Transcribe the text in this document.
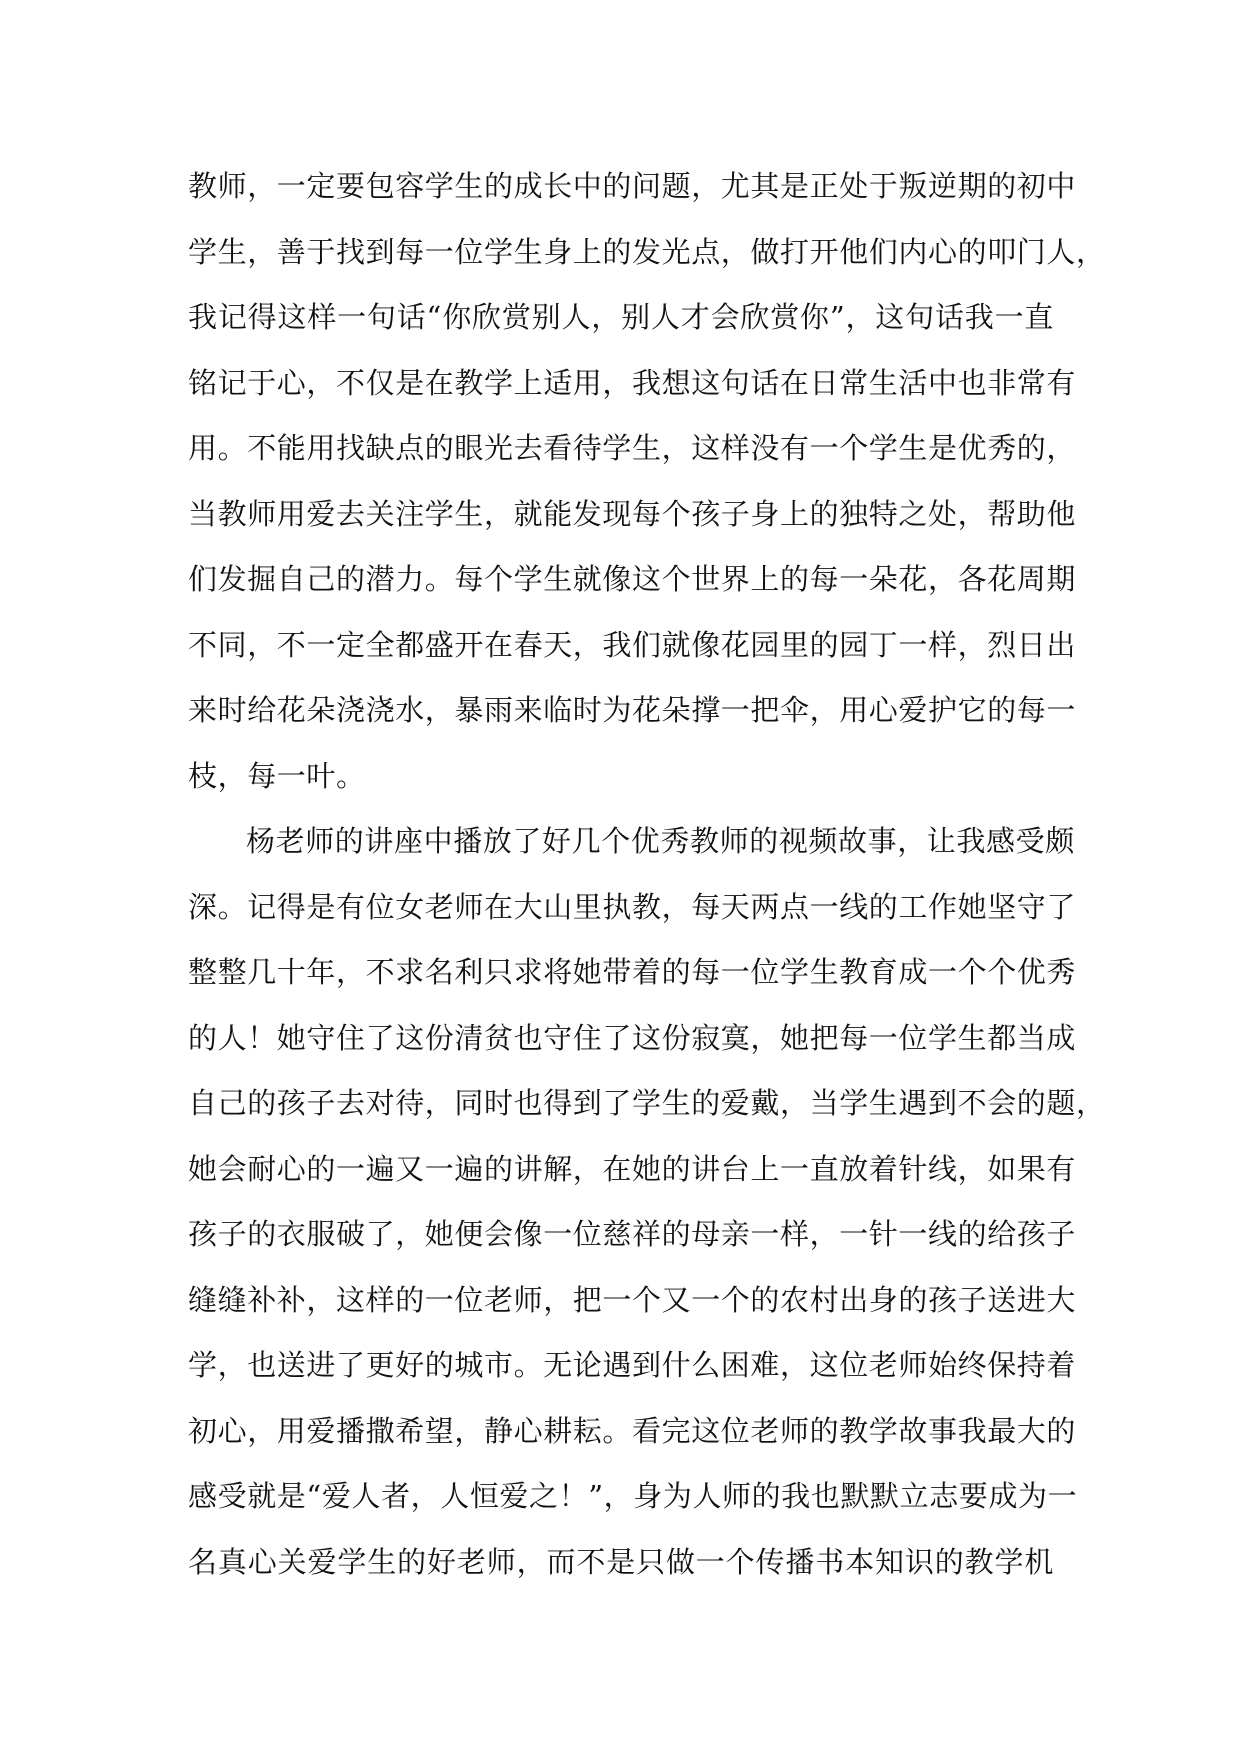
教师，一定要包容学生的成长中的问题，尤其是正处于叛逆期的初中
学生，善于找到每一位学生身上的发光点，做打开他们内心的叩门人，
我记得这样一句话“你欣赏别人，别人才会欣赏你”，这句话我一直
铭记于心，不仅是在教学上适用，我想这句话在日常生活中也非常有
用。不能用找缺点的眼光去看待学生，这样没有一个学生是优秀的，
当教师用爱去关注学生，就能发现每个孩子身上的独特之处，帮助他
们发掘自己的潜力。每个学生就像这个世界上的每一朵花，各花周期
不同，不一定全都盛开在春天，我们就像花园里的园丁一样，烈日出
来时给花朵浇浇水，暴雨来临时为花朵撑一把伞，用心爱护它的每一
枝，每一叶。
杨老师的讲座中播放了好几个优秀教师的视频故事，让我感受颇
深。记得是有位女老师在大山里执教，每天两点一线的工作她坚守了
整整几十年，不求名利只求将她带着的每一位学生教育成一个个优秀
的人！她守住了这份清贫也守住了这份寂寞，她把每一位学生都当成
自己的孩子去对待，同时也得到了学生的爱戴，当学生遇到不会的题，
她会耐心的一遍又一遍的讲解，在她的讲台上一直放着针线，如果有
孩子的衣服破了，她便会像一位慈祥的母亲一样，一针一线的给孩子
缝缝补补，这样的一位老师，把一个又一个的农村出身的孩子送进大
学，也送进了更好的城市。无论遇到什么困难，这位老师始终保持着
初心，用爱播撒希望，静心耕耘。看完这位老师的教学故事我最大的
感受就是“爱人者，人恒爱之！”，身为人师的我也默默立志要成为一
名真心关爱学生的好老师，而不是只做一个传播书本知识的教学机
